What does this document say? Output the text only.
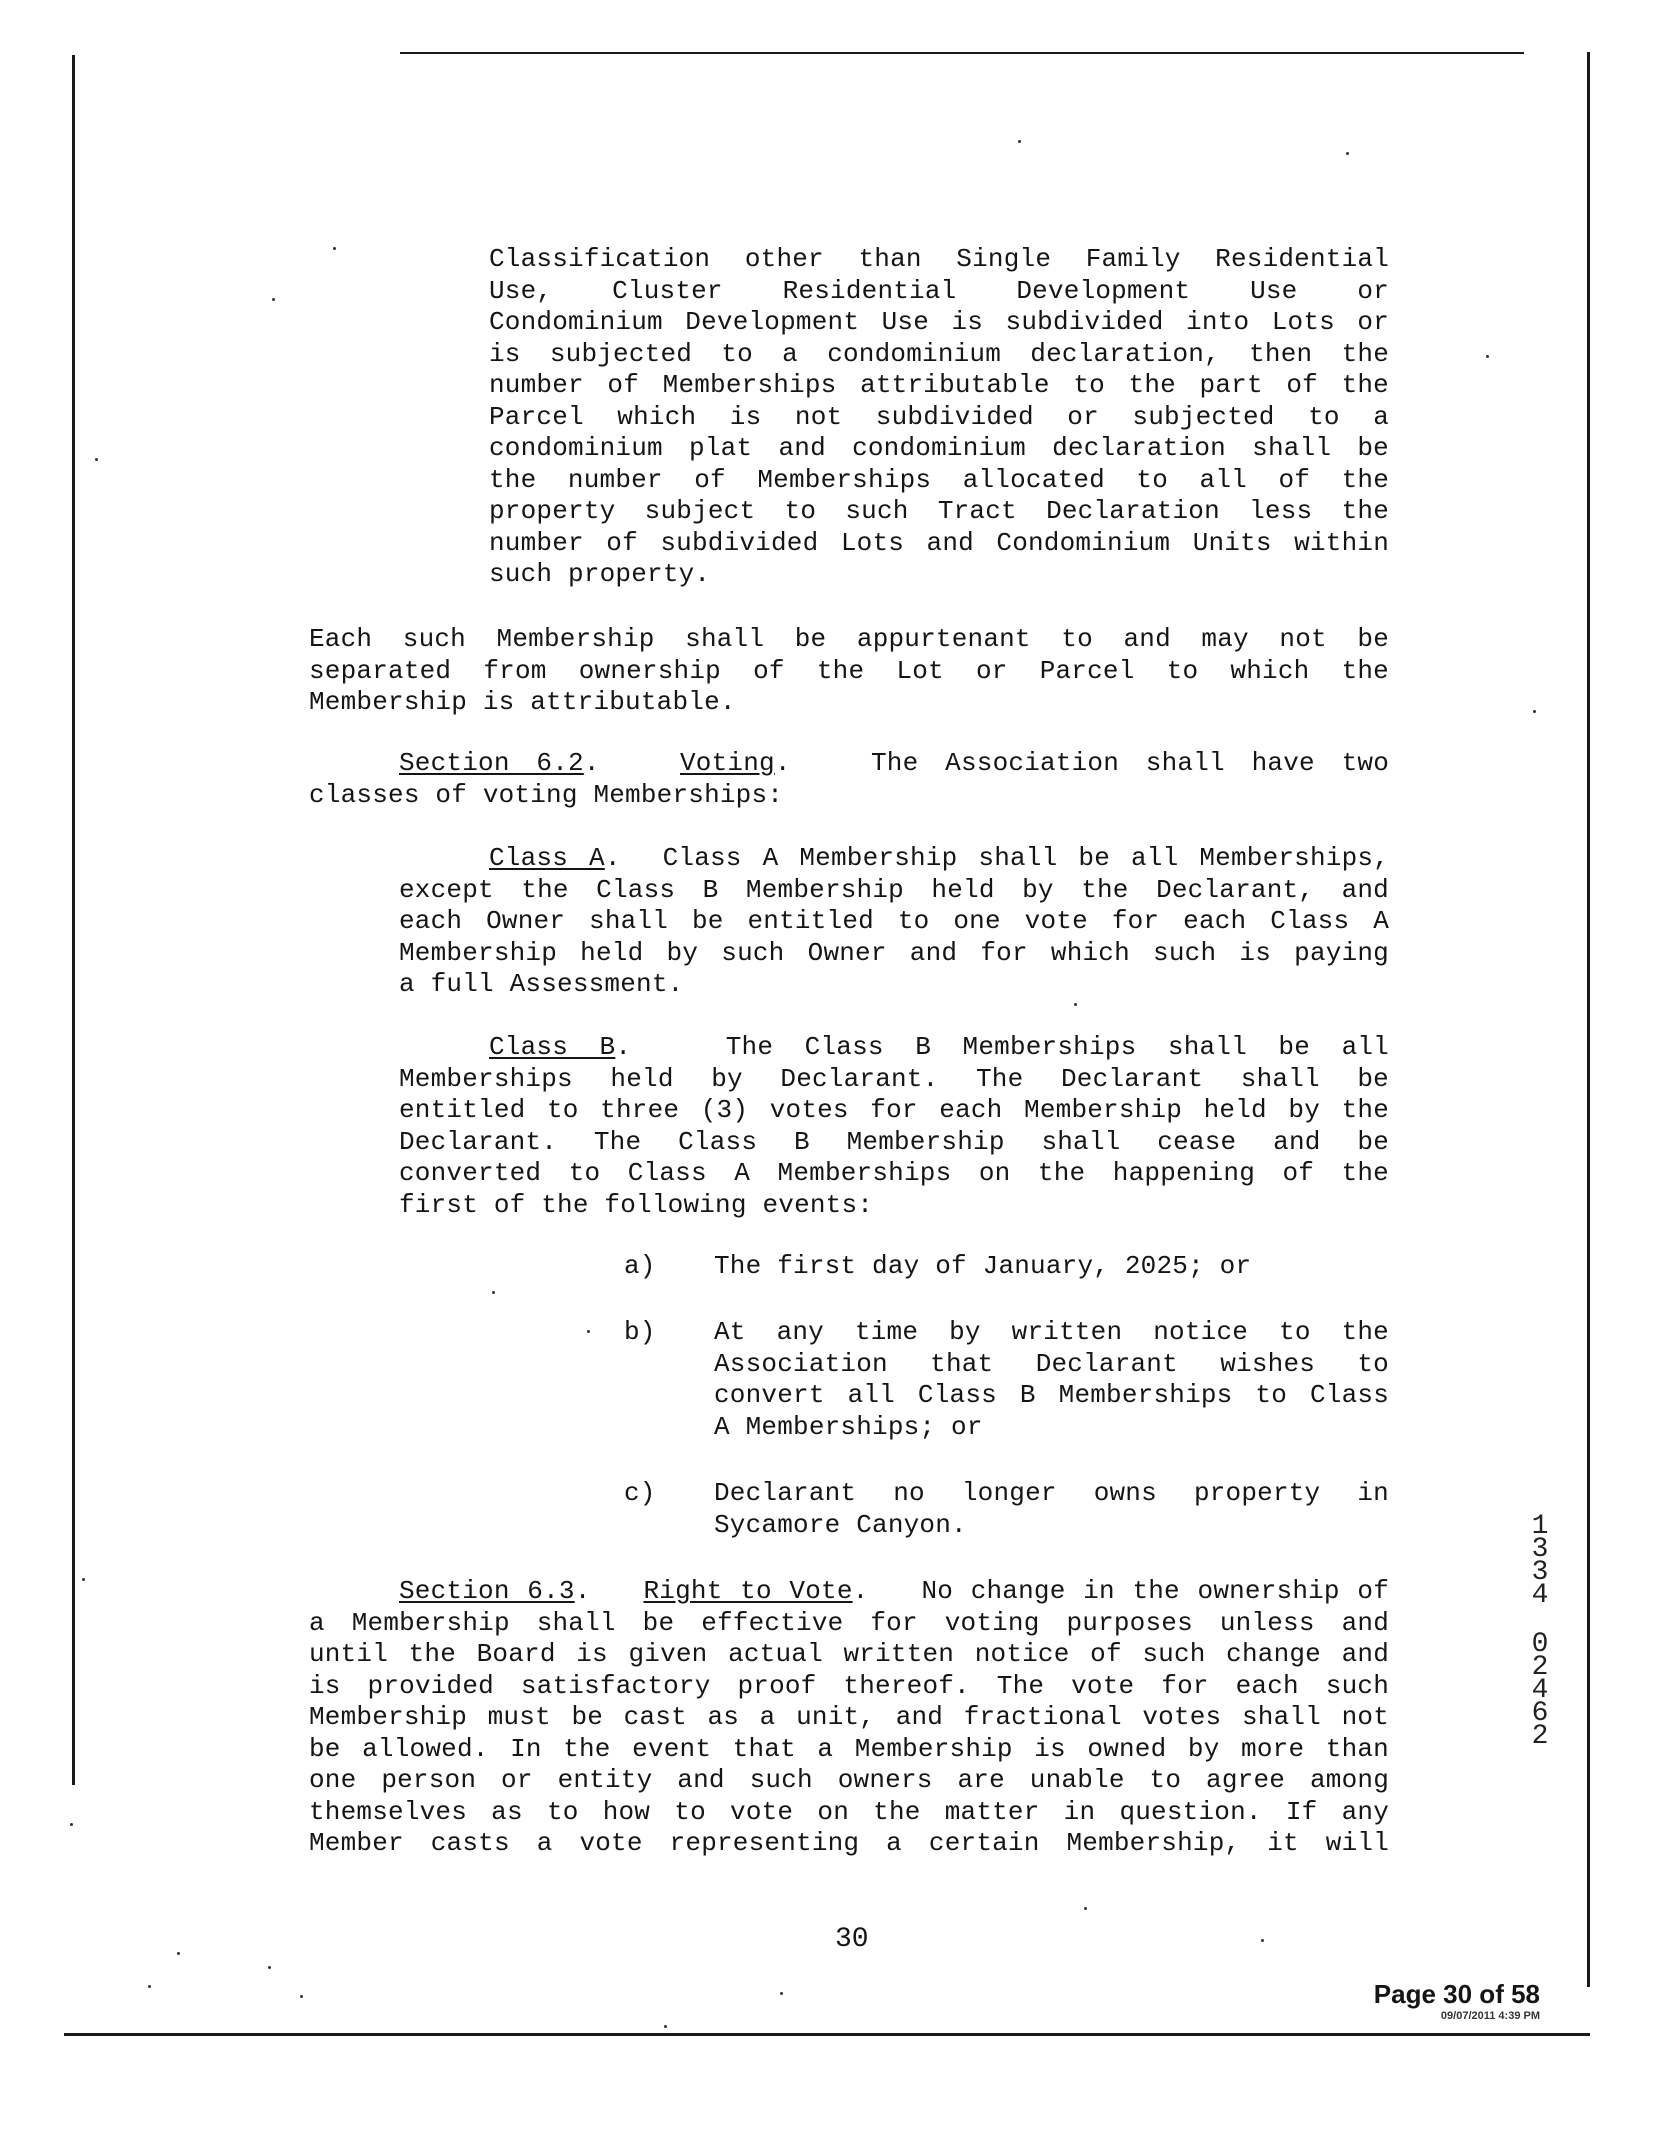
Classification other than Single Family Residential
Use, Cluster Residential Development Use or
Condominium Development Use is subdivided into Lots or
is subjected to a condominium declaration, then the
number of Memberships attributable to the part of the
Parcel which is not subdivided or subjected to a
condominium plat and condominium declaration shall be
the number of Memberships allocated to all of the
property subject to such Tract Declaration less the
number of subdivided Lots and Condominium Units within
such property.
Each such Membership shall be appurtenant to and may not be
separated from ownership of the Lot or Parcel to which the
Membership is attributable.
Section 6.2.   Voting.   The Association shall have two
classes of voting Memberships:
Class A.  Class A Membership shall be all Memberships,
except the Class B Membership held by the Declarant, and
each Owner shall be entitled to one vote for each Class A
Membership held by such Owner and for which such is paying
a full Assessment.
Class B.   The Class B Memberships shall be all
Memberships held by Declarant. The Declarant shall be
entitled to three (3) votes for each Membership held by the
Declarant. The Class B Membership shall cease and be
converted to Class A Memberships on the happening of the
first of the following events:
a) The first day of January, 2025; or
b) At any time by written notice to the
Association that Declarant wishes to
convert all Class B Memberships to Class
A Memberships; or
c) Declarant no longer owns property in
Sycamore Canyon.
Section 6.3.   Right to Vote.   No change in the ownership of
a Membership shall be effective for voting purposes unless and
until the Board is given actual written notice of such change and
is provided satisfactory proof thereof. The vote for each such
Membership must be cast as a unit, and fractional votes shall not
be allowed. In the event that a Membership is owned by more than
one person or entity and such owners are unable to agree among
themselves as to how to vote on the matter in question. If any
Member casts a vote representing a certain Membership, it will
1
3
3
4
0
2
4
6
2
30
Page 30 of 58
09/07/2011 4:39 PM
